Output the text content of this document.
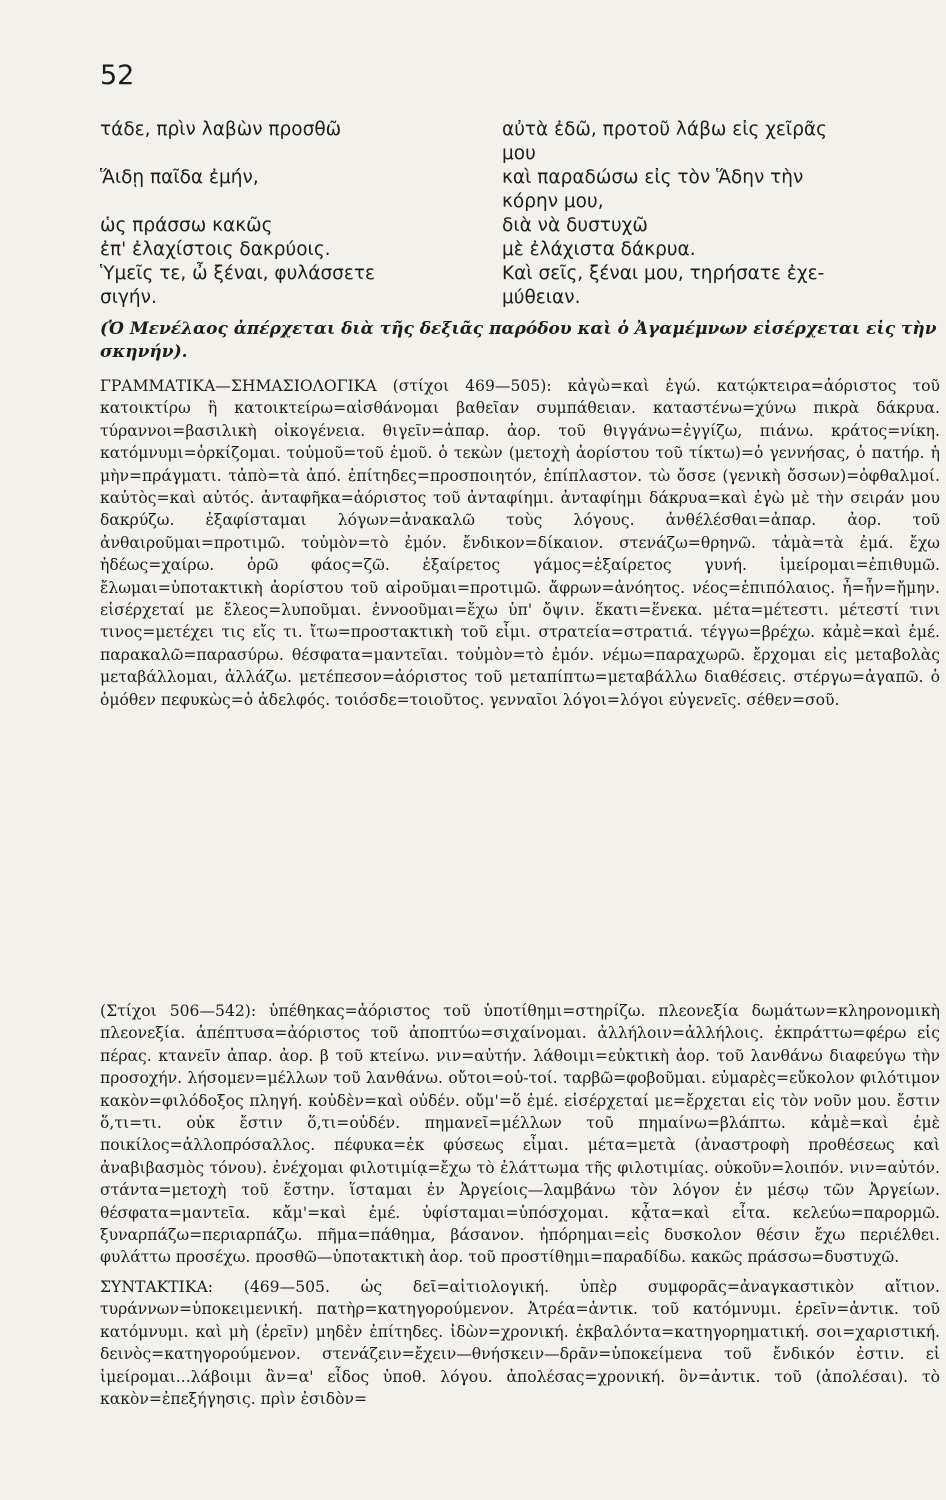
52
τάδε, πρὶν λαβὼν προσθῶ	αὐτὰ ἐδῶ, προτοῦ λάβω εἰς χεῖρᾶς
μου
Ἅιδῃ παῖδα ἐμήν,	καὶ παραδώσω εἰς τὸν Ἅδην τὴν
κόρην μου,
ὡς πράσσω κακῶς	διὰ νὰ δυστυχῶ
ἐπ' ἐλαχίστοις δακρύοις.	μὲ ἐλάχιστα δάκρυα.
Ὑμεῖς τε, ὦ ξέναι, φυλάσσετε	Καὶ σεῖς, ξέναι μου, τηρήσατε ἐχε-
σιγήν.	μύθειαν.
(Ὁ Μενέλαος ἀπέρχεται διὰ τῆς δεξιᾶς παρόδου καὶ ὁ Ἀγαμέμνων εἰσέρχεται εἰς τὴν σκηνήν).

ΓΡΑΜΜΑΤΙΚΑ—ΣΗΜΑΣΙΟΛΟΓΙΚΑ (στίχοι 469—505): κἀγὼ=καὶ ἐγώ. κατῴκτειρα=ἀόριστος τοῦ κατοικτίρω ἢ κατοικτείρω=αἰσθάνομαι βαθεῖαν συμπάθειαν. καταστένω=χύνω πικρὰ δάκρυα. τύραννοι=βασιλικὴ οἰκογένεια. θιγεῖν=ἀπαρ. ἀορ. τοῦ θιγγάνω=ἐγγίζω, πιάνω. κράτος=νίκη. κατόμνυμι=ὁρκίζομαι. τοὐμοῦ=τοῦ ἐμοῦ. ὁ τεκὼν (μετοχὴ ἀορίστου τοῦ τίκτω)=ὁ γεννήσας, ὁ πατήρ. ἡ μὴν=πράγματι. τἀπὸ=τὰ ἀπό. ἐπίτηδες=προσποιητόν, ἐπίπλαστον. τὼ ὄσσε (γενικὴ ὄσσων)=ὀφθαλμοί. καὐτὸς=καὶ αὐτός. ἀνταφῆκα=ἀόριστος τοῦ ἀνταφίημι. ἀνταφίημι δάκρυα=καὶ ἐγὼ μὲ τὴν σειράν μου δακρύζω. ἐξαφίσταμαι λόγων=ἀνακαλῶ τοὺς λόγους. ἀνθέλέσθαι=ἀπαρ. ἀορ. τοῦ ἀνθαιροῦμαι=προτιμῶ. τοὐμὸν=τὸ ἐμόν. ἔνδικον=δίκαιον. στενάζω=θρηνῶ. τἀμὰ=τὰ ἐμά. ἔχω ἡδέως=χαίρω. ὁρῶ φάος=ζῶ. ἐξαίρετος γάμος=ἐξαίρετος γυνή. ἱμείρομαι=ἐπιθυμῶ. ἔλωμαι=ὑποτακτικὴ ἀορίστου τοῦ αἱροῦμαι=προτιμῶ. ἄφρων=ἀνόητος. νέος=ἐπιπόλαιος. ἦ=ἦν=ἤμην. εἰσέρχεταί με ἔλεος=λυποῦμαι. ἐννοοῦμαι=ἔχω ὑπ' ὄψιν. ἕκατι=ἕνεκα. μέτα=μέτεστι. μέτεστί τινι τινος=μετέχει τις εἴς τι. ἴτω=προστακτικὴ τοῦ εἶμι. στρατεία=στρατιά. τέγγω=βρέχω. κἀμὲ=καὶ ἐμέ. παρακαλῶ=παρασύρω. θέσφατα=μαντεῖαι. τοὐμὸν=τὸ ἐμόν. νέμω=παραχωρῶ. ἔρχομαι εἰς μεταβολὰς μεταβάλλομαι, ἀλλάζω. μετέπεσον=ἀόριστος τοῦ μεταπίπτω=μεταβάλλω διαθέσεις. στέργω=ἀγαπῶ. ὁ ὁμόθεν πεφυκὼς=ὁ ἀδελφός. τοιόσδε=τοιοῦτος. γενναῖοι λόγοι=λόγοι εὐγενεῖς. σέθεν=σοῦ.

(Στίχοι 506—542): ὑπέθηκας=ἀόριστος τοῦ ὑποτίθημι=στηρίζω. πλεονεξία δωμάτων=κληρονομικὴ πλεονεξία. ἀπέπτυσα=ἀόριστος τοῦ ἀποπτύω=σιχαίνομαι. ἀλλήλοιν=ἀλλήλοις. ἐκπράττω=φέρω εἰς πέρας. κτανεῖν ἀπαρ. ἀορ. β τοῦ κτείνω. νιν=αὐτήν. λάθοιμι=εὐκτικὴ ἀορ. τοῦ λανθάνω διαφεύγω τὴν προσοχήν. λήσομεν=μέλλων τοῦ λανθάνω. οὔτοι=οὐ-τοί. ταρβῶ=φοβοῦμαι. εὐμαρὲς=εὔκολον φιλότιμον κακὸν=φιλόδοξος πληγή. κοὐδὲν=καὶ οὐδέν. οὔμ'=ὅ ἐμέ. εἰσέρχεταί με=ἔρχεται εἰς τὸν νοῦν μου. ἔστιν ὅ,τι=τι. οὐκ ἔστιν ὅ,τι=οὐδέν. πημανεῖ=μέλλων τοῦ πημαίνω=βλάπτω. κἀμὲ=καὶ ἐμὲ ποικίλος=ἀλλοπρόσαλλος. πέφυκα=ἐκ φύσεως εἶμαι. μέτα=μετὰ (ἀναστροφὴ προθέσεως καὶ ἀναβιβασμὸς τόνου). ἐνέχομαι φιλοτιμίᾳ=ἔχω τὸ ἐλάττωμα τῆς φιλοτιμίας. οὐκοῦν=λοιπόν. νιν=αὐτόν. στάντα=μετοχὴ τοῦ ἔστην. ἵσταμαι ἐν Ἀργείοις—λαμβάνω τὸν λόγον ἐν μέσῳ τῶν Ἀργείων. θέσφατα=μαντεῖα. κἄμ'=καὶ ἐμέ. ὑφίσταμαι=ὑπόσχομαι. κᾆτα=καὶ εἶτα. κελεύω=παρορμῶ. ξυναρπάζω=περιαρπάζω. πῆμα=πάθημα, βάσανον. ἠπόρημαι=εἰς δυσκολον θέσιν ἔχω περιέλθει. φυλάττω προσέχω. προσθῶ—ὑποτακτικὴ ἀορ. τοῦ προστίθημι=παραδίδω. κακῶς πράσσω=δυστυχῶ.

ΣΥΝΤΑΚΤΙΚΑ: (469—505. ὡς δεῖ=αἰτιολογική. ὑπὲρ συμφορᾶς=ἀναγκαστικὸν αἴτιον. τυράννων=ὑποκειμενική. πατὴρ=κατηγορούμενον. Ἀτρέα=ἀντικ. τοῦ κατόμνυμι. ἐρεῖν=ἀντικ. τοῦ κατόμνυμι. καὶ μὴ (ἐρεῖν) μηδὲν ἐπίτηδες. ἰδὼν=χρονική. ἐκβαλόντα=κατηγορηματική. σοι=χαριστική. δεινὸς=κατηγορούμενον. στενάζειν=ἔχειν—θνήσκειν—δρᾶν=ὑποκείμενα τοῦ ἔνδικόν ἐστιν. εἰ ἱμείρομαι...λάβοιμι ἂν=α' εἶδος ὑποθ. λόγου. ἀπολέσας=χρονική. ὃν=ἀντικ. τοῦ (ἀπολέσαι). τὸ κακὸν=ἐπεξήγησις. πρὶν ἐσιδὸν=
